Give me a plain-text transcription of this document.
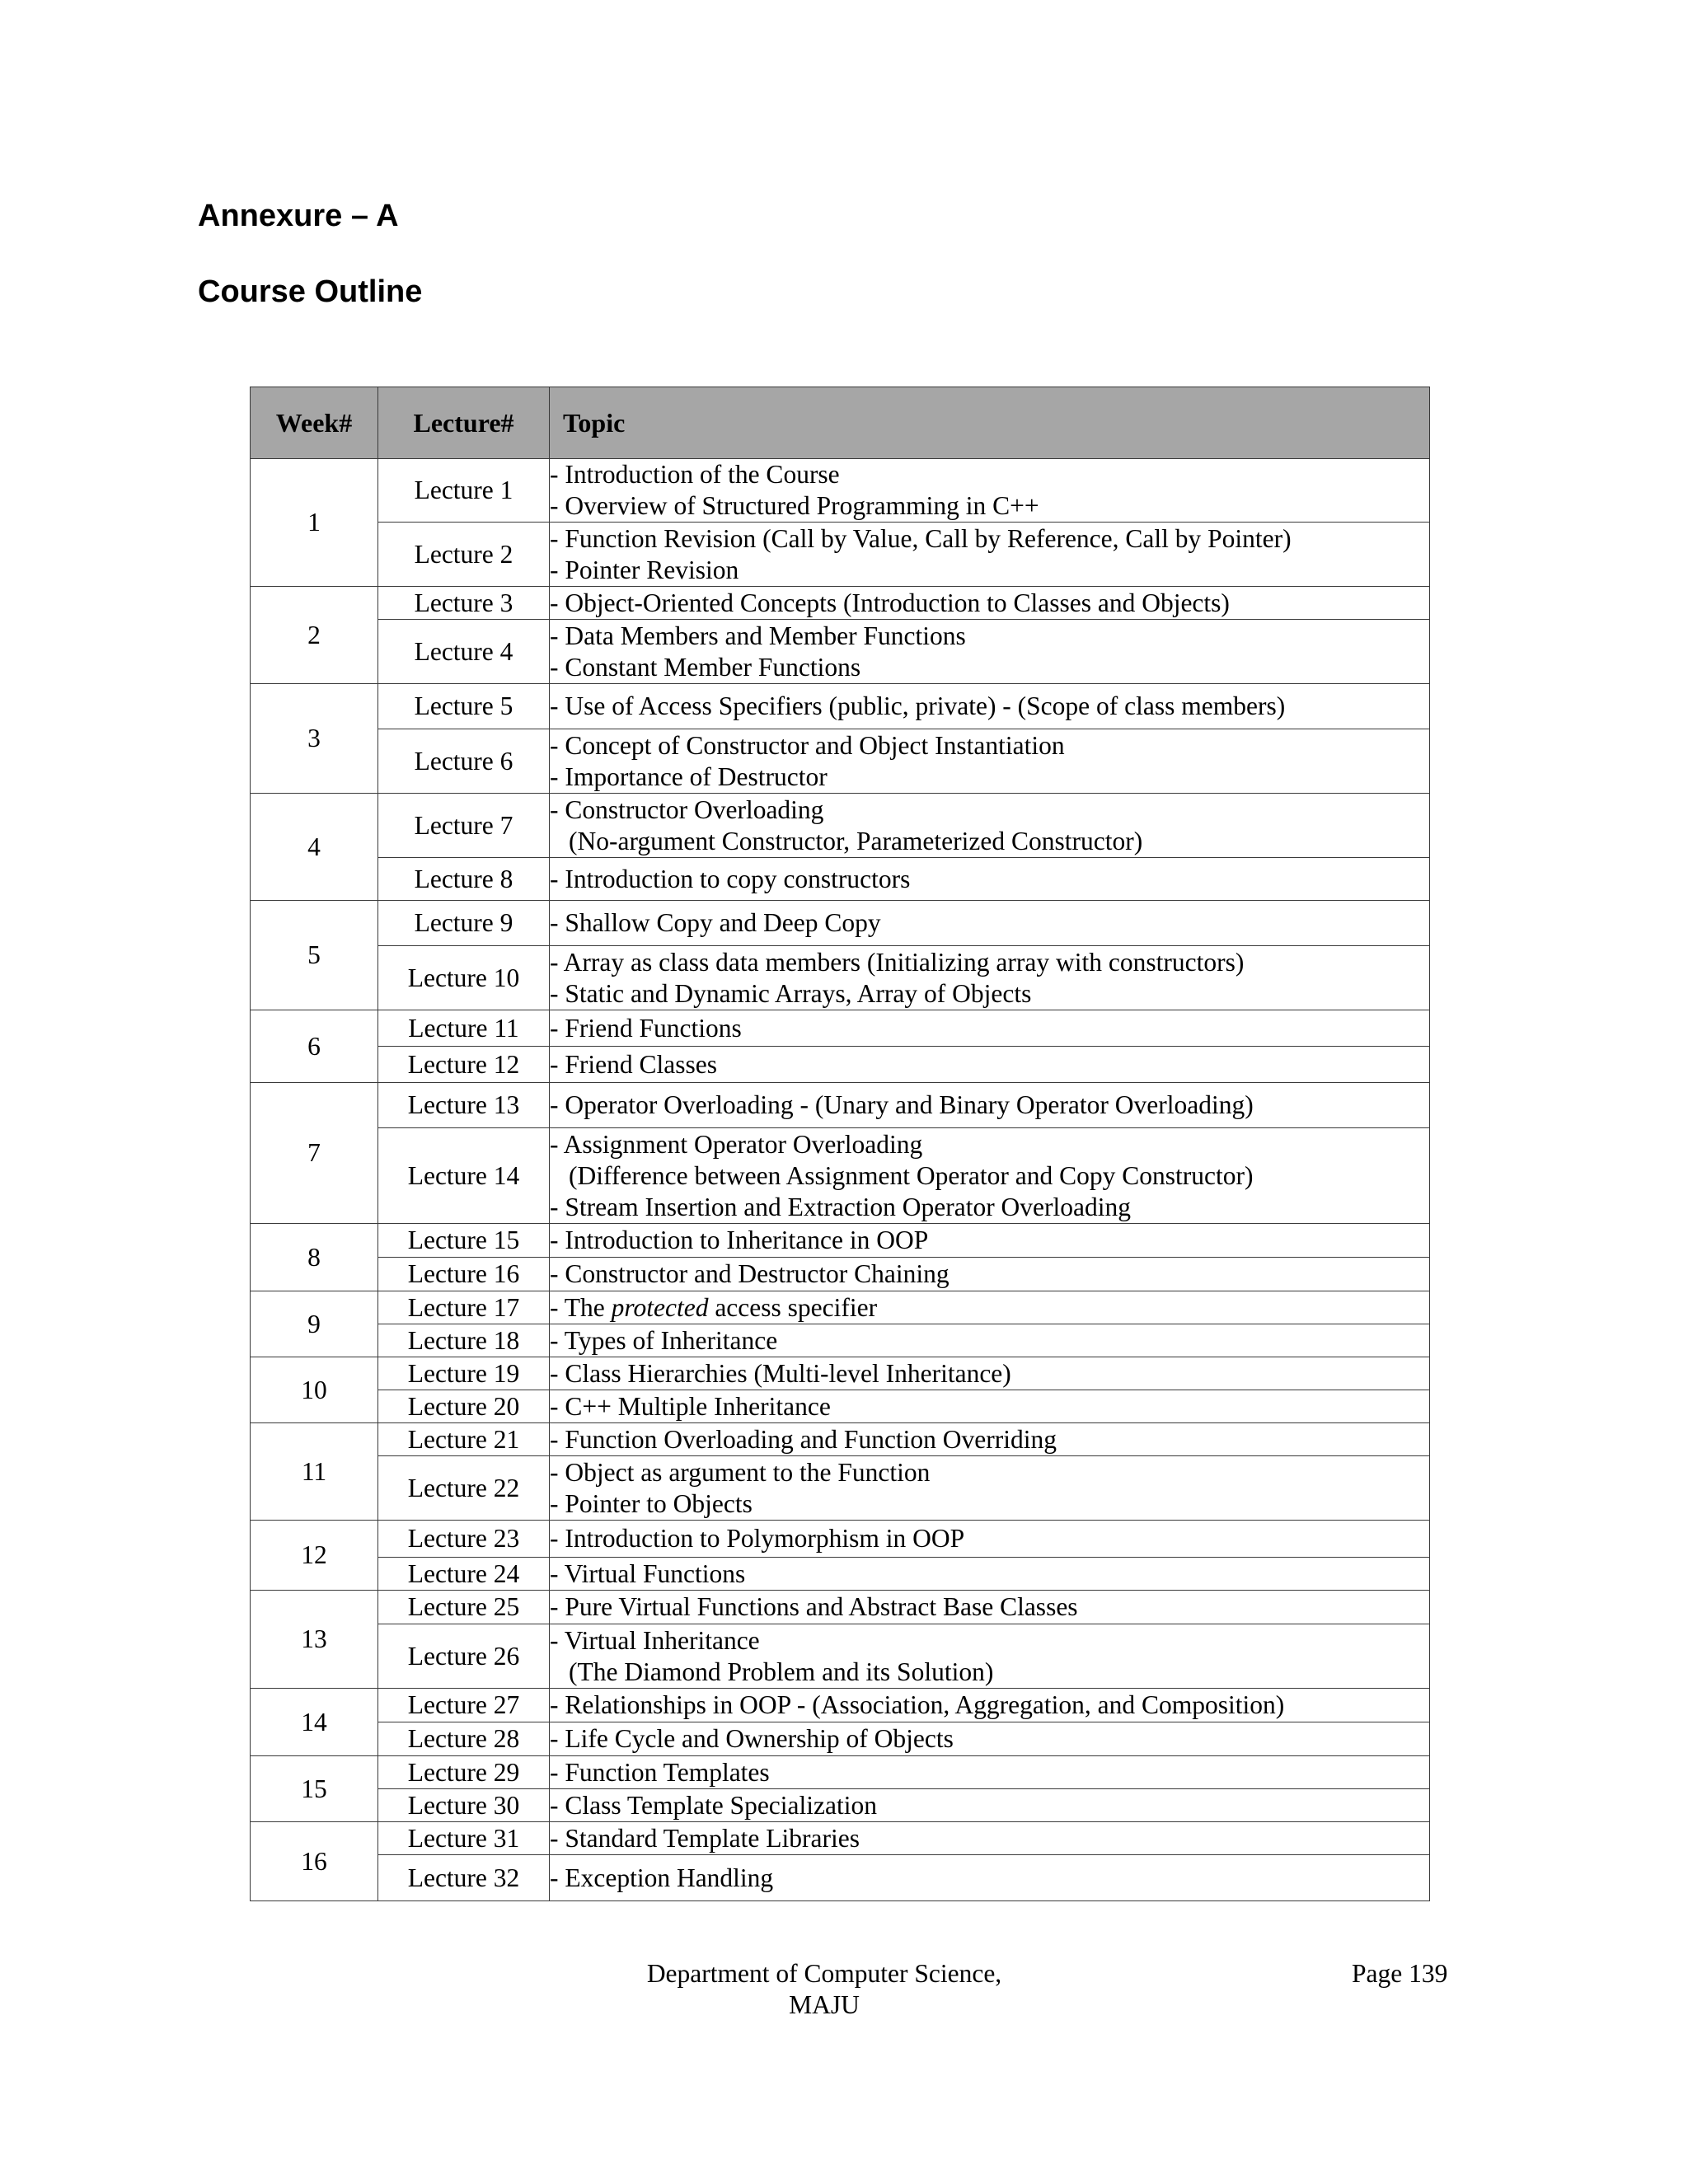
Annexure – A
Course Outline
Week#	Lecture#	Topic
1	Lecture 1	- Introduction of the Course
- Overview of Structured Programming in C++

	Lecture 2	- Function Revision (Call by Value, Call by Reference, Call by Pointer)
- Pointer Revision

2	Lecture 3	- Object-Oriented Concepts (Introduction to Classes and Objects)

	Lecture 4	- Data Members and Member Functions
- Constant Member Functions

3	Lecture 5	- Use of Access Specifiers (public, private) - (Scope of class members)

	Lecture 6	- Concept of Constructor and Object Instantiation
- Importance of Destructor

4	Lecture 7	- Constructor Overloading
(No-argument Constructor, Parameterized Constructor)

	Lecture 8	- Introduction to copy constructors

5	Lecture 9	- Shallow Copy and Deep Copy

	Lecture 10	- Array as class data members (Initializing array with constructors)
- Static and Dynamic Arrays, Array of Objects

6	Lecture 11	- Friend Functions

	Lecture 12	- Friend Classes

7	Lecture 13	- Operator Overloading - (Unary and Binary Operator Overloading)

	Lecture 14	- Assignment Operator Overloading
(Difference between Assignment Operator and Copy Constructor)
- Stream Insertion and Extraction Operator Overloading

8	Lecture 15	- Introduction to Inheritance in OOP

	Lecture 16	- Constructor and Destructor Chaining

9	Lecture 17	- The protected access specifier

	Lecture 18	- Types of Inheritance

10	Lecture 19	- Class Hierarchies (Multi-level Inheritance)

	Lecture 20	- C++ Multiple Inheritance

11	Lecture 21	- Function Overloading and Function Overriding

	Lecture 22	- Object as argument to the Function
- Pointer to Objects

12	Lecture 23	- Introduction to Polymorphism in OOP

	Lecture 24	- Virtual Functions

13	Lecture 25	- Pure Virtual Functions and Abstract Base Classes

	Lecture 26	- Virtual Inheritance
(The Diamond Problem and its Solution)

14	Lecture 27	- Relationships in OOP - (Association, Aggregation, and Composition)

	Lecture 28	- Life Cycle and Ownership of Objects

15	Lecture 29	- Function Templates

	Lecture 30	- Class Template Specialization

16	Lecture 31	- Standard Template Libraries

	Lecture 32	- Exception Handling
Department of Computer Science,
MAJU
Page 139
